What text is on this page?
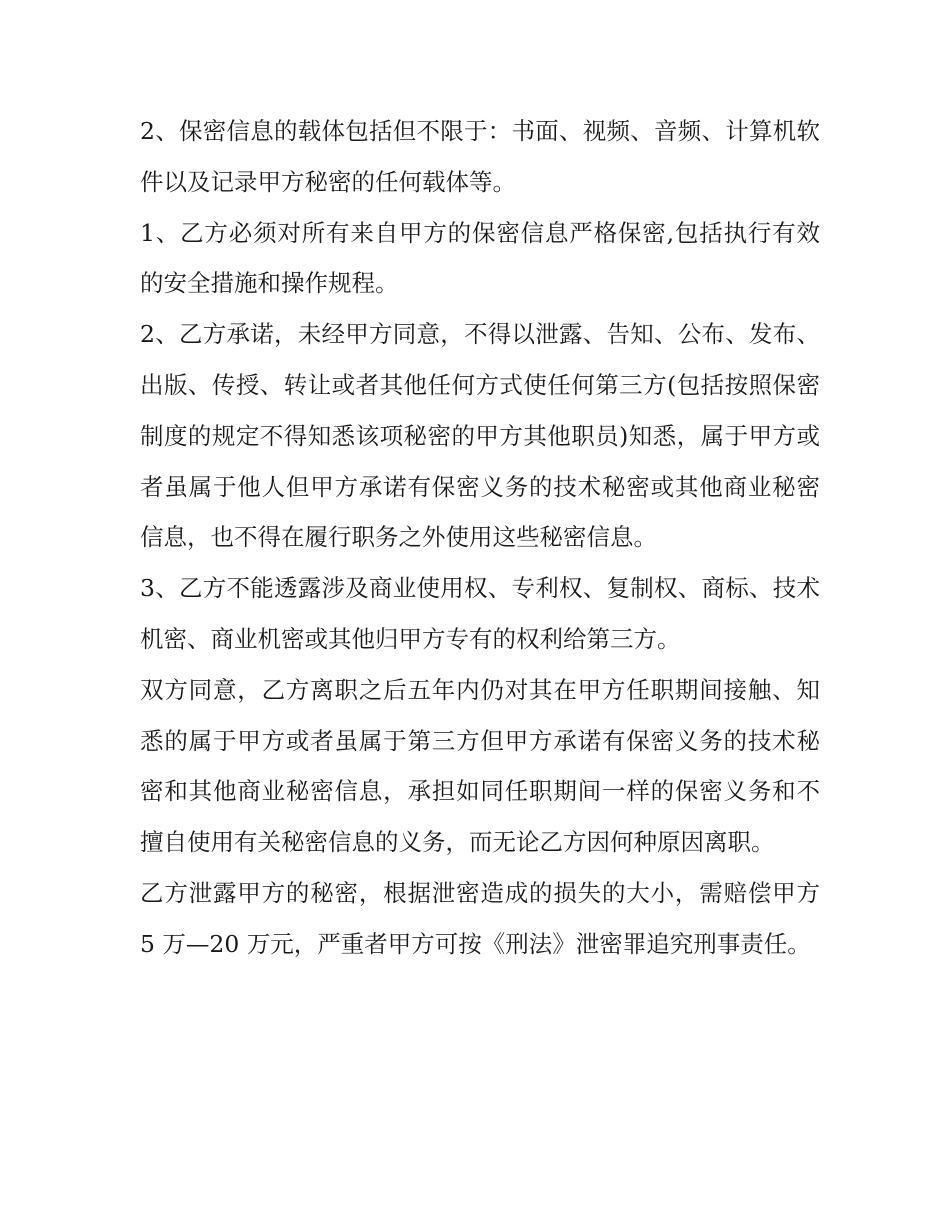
2、保密信息的载体包括但不限于：书面、视频、音频、计算机软件以及记录甲方秘密的任何载体等。

1、乙方必须对所有来自甲方的保密信息严格保密,包括执行有效的安全措施和操作规程。

2、乙方承诺，未经甲方同意，不得以泄露、告知、公布、发布、出版、传授、转让或者其他任何方式使任何第三方(包括按照保密制度的规定不得知悉该项秘密的甲方其他职员)知悉，属于甲方或者虽属于他人但甲方承诺有保密义务的技术秘密或其他商业秘密信息，也不得在履行职务之外使用这些秘密信息。

3、乙方不能透露涉及商业使用权、专利权、复制权、商标、技术机密、商业机密或其他归甲方专有的权利给第三方。

双方同意，乙方离职之后五年内仍对其在甲方任职期间接触、知悉的属于甲方或者虽属于第三方但甲方承诺有保密义务的技术秘密和其他商业秘密信息，承担如同任职期间一样的保密义务和不擅自使用有关秘密信息的义务，而无论乙方因何种原因离职。

乙方泄露甲方的秘密，根据泄密造成的损失的大小，需赔偿甲方 5 万—20 万元，严重者甲方可按《刑法》泄密罪追究刑事责任。
